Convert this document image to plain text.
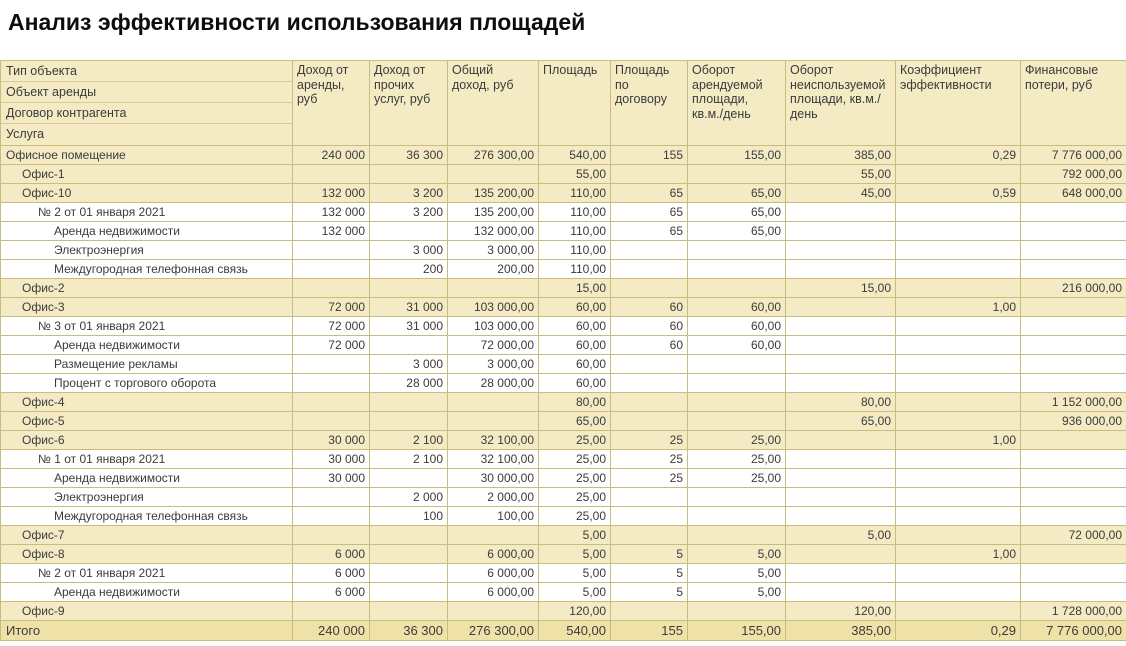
Анализ эффективности использования площадей
Тип объекта
Объект аренды
Договор контрагента
Услуга	Доход от аренды, руб	Доход от прочих услуг, руб	Общий доход, руб	Площадь	Площадь по договору	Оборот арендуемой площади, кв.м./день	Оборот неиспользуемой площади, кв.м./день	Коэффициент эффективности	Финансовые потери, руб
Офисное помещение	240 000	36 300	276 300,00	540,00	155	155,00	385,00	0,29	7 776 000,00
Офис-1				55,00			55,00		792 000,00
Офис-10	132 000	3 200	135 200,00	110,00	65	65,00	45,00	0,59	648 000,00
№ 2 от 01 января 2021	132 000	3 200	135 200,00	110,00	65	65,00			
Аренда недвижимости	132 000		132 000,00	110,00	65	65,00			
Электроэнергия		3 000	3 000,00	110,00					
Междугородная телефонная связь		200	200,00	110,00					
Офис-2				15,00			15,00		216 000,00
Офис-3	72 000	31 000	103 000,00	60,00	60	60,00		1,00	
№ 3 от 01 января 2021	72 000	31 000	103 000,00	60,00	60	60,00			
Аренда недвижимости	72 000		72 000,00	60,00	60	60,00			
Размещение рекламы		3 000	3 000,00	60,00					
Процент с торгового оборота		28 000	28 000,00	60,00					
Офис-4				80,00			80,00		1 152 000,00
Офис-5				65,00			65,00		936 000,00
Офис-6	30 000	2 100	32 100,00	25,00	25	25,00		1,00	
№ 1 от 01 января 2021	30 000	2 100	32 100,00	25,00	25	25,00			
Аренда недвижимости	30 000		30 000,00	25,00	25	25,00			
Электроэнергия		2 000	2 000,00	25,00					
Междугородная телефонная связь		100	100,00	25,00					
Офис-7				5,00			5,00		72 000,00
Офис-8	6 000		6 000,00	5,00	5	5,00		1,00	
№ 2 от 01 января 2021	6 000		6 000,00	5,00	5	5,00			
Аренда недвижимости	6 000		6 000,00	5,00	5	5,00			
Офис-9				120,00			120,00		1 728 000,00
Итого	240 000	36 300	276 300,00	540,00	155	155,00	385,00	0,29	7 776 000,00
